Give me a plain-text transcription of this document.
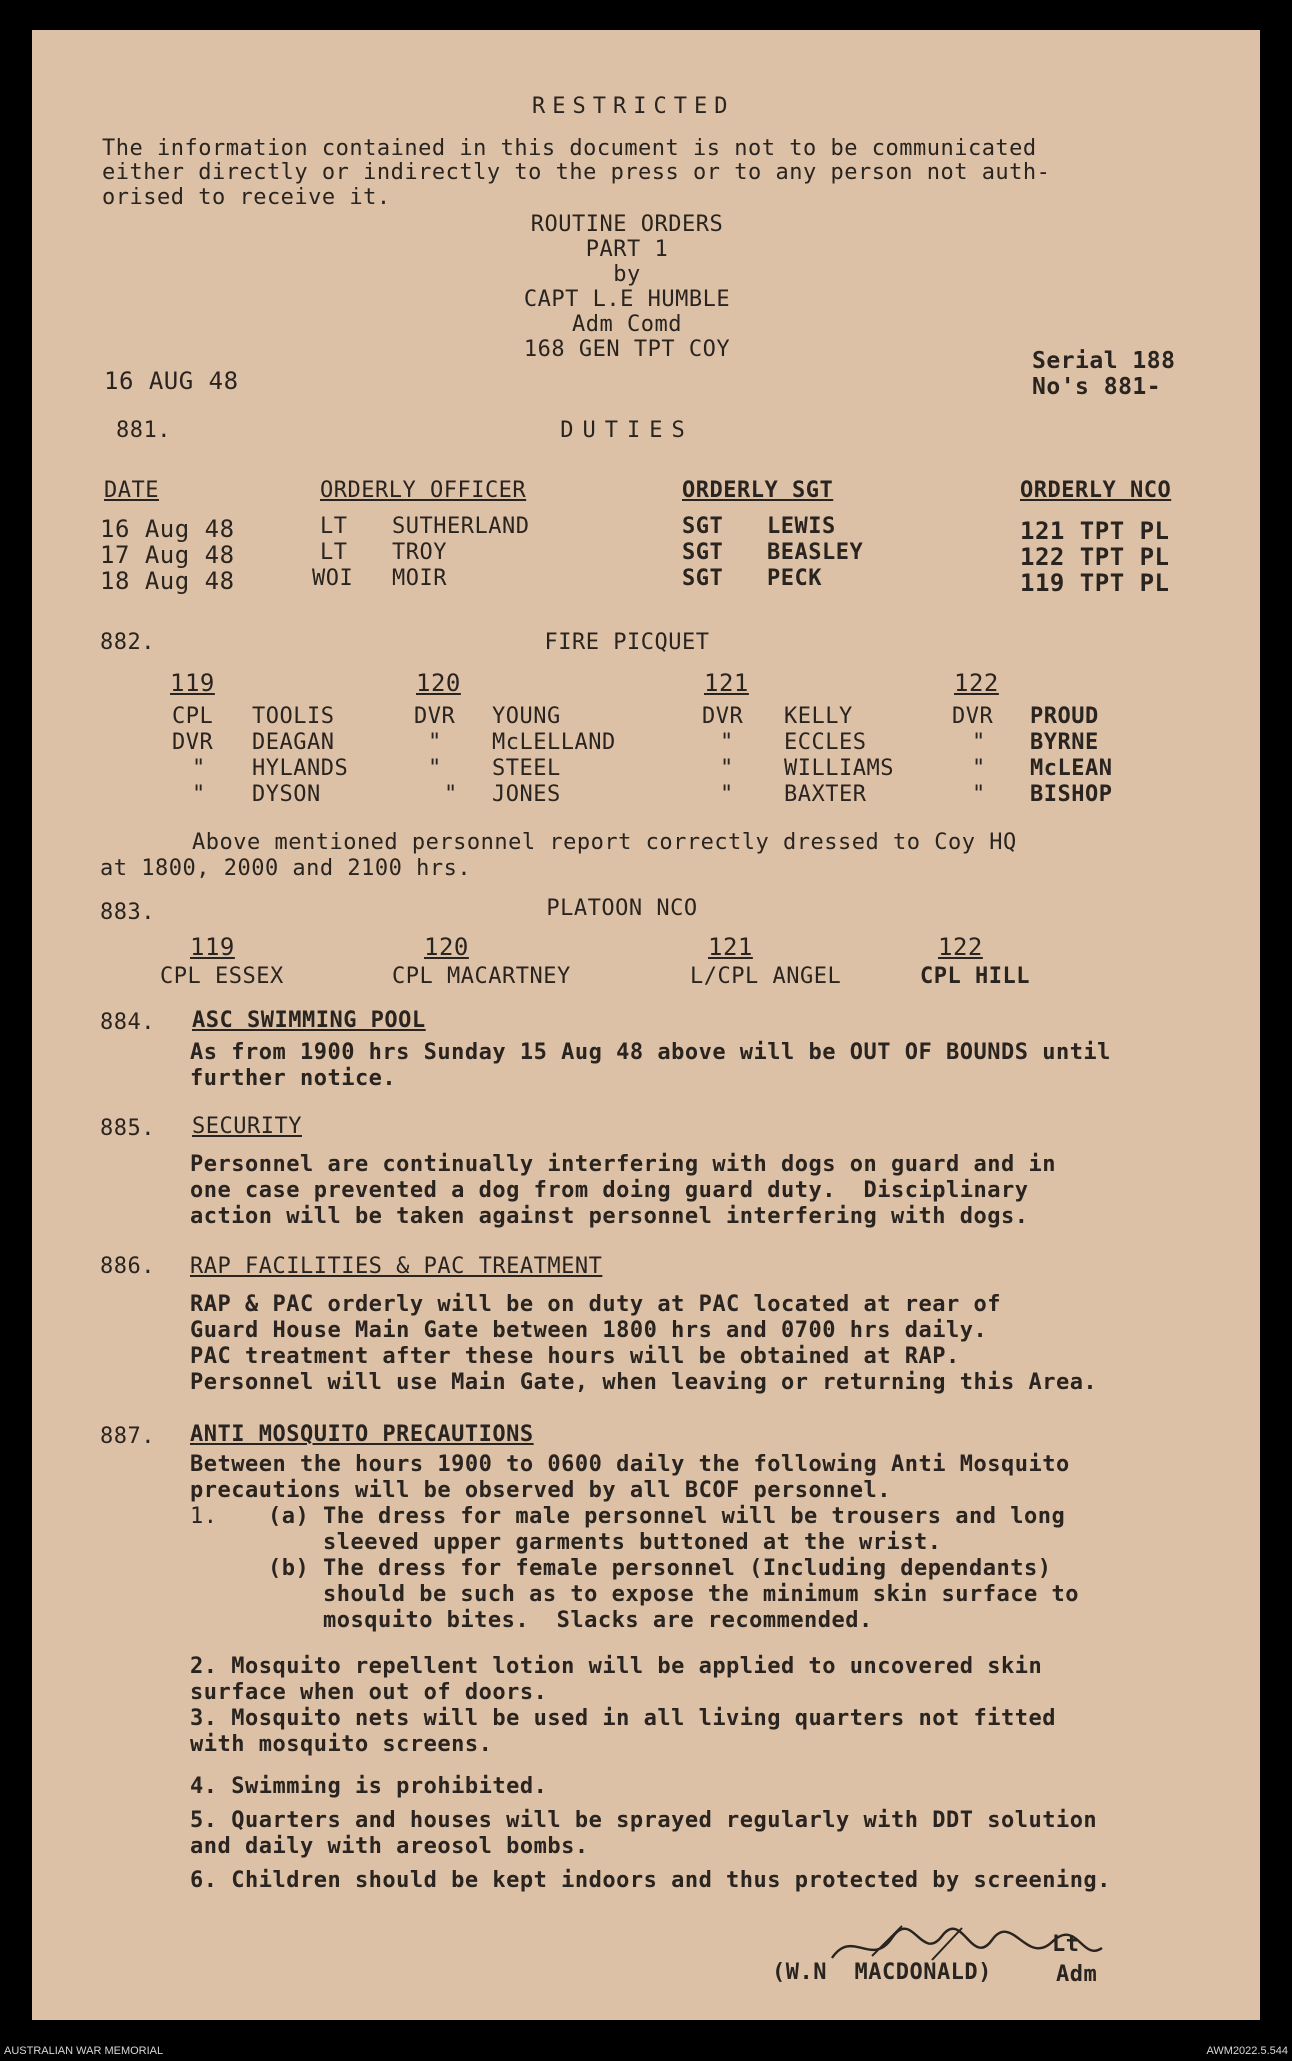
RESTRICTED
The information contained in this document is not to be communicated
either directly or indirectly to the press or to any person not auth-
orised to receive it.
ROUTINE ORDERS
PART 1
by
CAPT L.E HUMBLE
Adm Comd
168 GEN TPT COY
16 AUG 48
Serial 188
No's 881-
881.	DUTIES
DATE	ORDERLY OFFICER	ORDERLY SGT	ORDERLY NCO
16 Aug 48	LT SUTHERLAND	SGT LEWIS	121 TPT PL
17 Aug 48	LT TROY	SGT BEASLEY	122 TPT PL
18 Aug 48	WOI MOIR	SGT PECK	119 TPT PL
882.	FIRE PICQUET
119	120	121	122
CPL TOOLIS	DVR YOUNG	DVR KELLY	DVR PROUD
DVR DEAGAN	" McLELLAND	" ECCLES	" BYRNE
" HYLANDS	" STEEL	" WILLIAMS	" McLEAN
" DYSON	" JONES	" BAXTER	" BISHOP
Above mentioned personnel report correctly dressed to Coy HQ
at 1800, 2000 and 2100 hrs.
883.	PLATOON NCO
119	120	121	122
CPL ESSEX	CPL MACARTNEY	L/CPL ANGEL	CPL HILL
884. ASC SWIMMING POOL
As from 1900 hrs Sunday 15 Aug 48 above will be OUT OF BOUNDS until
further notice.
885. SECURITY
Personnel are continually interfering with dogs on guard and in
one case prevented a dog from doing guard duty.  Disciplinary
action will be taken against personnel interfering with dogs.
886. RAP FACILITIES & PAC TREATMENT
RAP & PAC orderly will be on duty at PAC located at rear of
Guard House Main Gate between 1800 hrs and 0700 hrs daily.
PAC treatment after these hours will be obtained at RAP.
Personnel will use Main Gate, when leaving or returning this Area.
887. ANTI MOSQUITO PRECAUTIONS
Between the hours 1900 to 0600 daily the following Anti Mosquito
precautions will be observed by all BCOF personnel.
1. (a) The dress for male personnel will be trousers and long
sleeved upper garments buttoned at the wrist.
(b) The dress for female personnel (Including dependants)
should be such as to expose the minimum skin surface to
mosquito bites.  Slacks are recommended.
2. Mosquito repellent lotion will be applied to uncovered skin
surface when out of doors.
3. Mosquito nets will be used in all living quarters not fitted
with mosquito screens.
4. Swimming is prohibited.
5. Quarters and houses will be sprayed regularly with DDT solution
and daily with areosol bombs.
6. Children should be kept indoors and thus protected by screening.
Lt
(W.N  MACDONALD)	Adm
AUSTRALIAN WAR MEMORIAL	AWM2022.5.544
